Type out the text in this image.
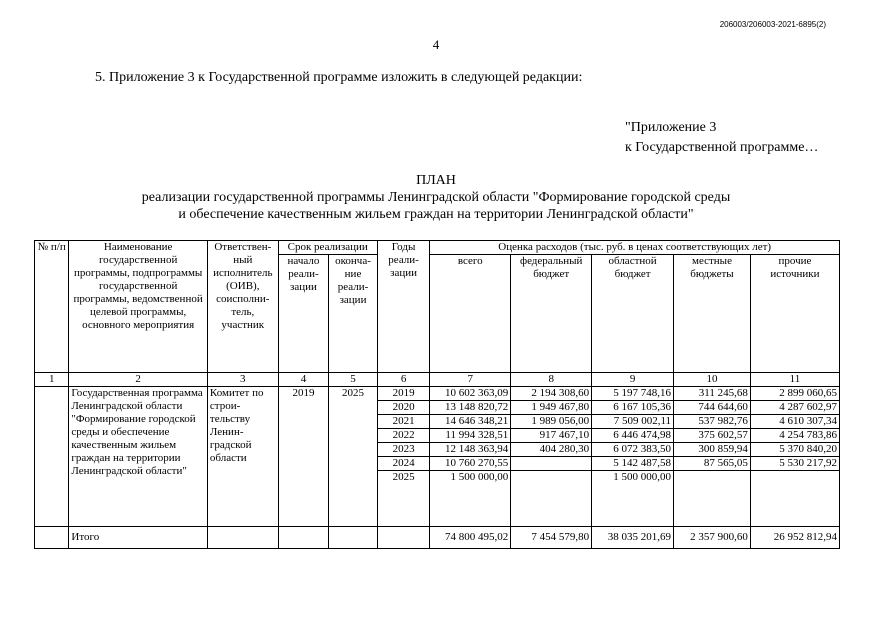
206003/206003-2021-6895(2)
4
5. Приложение 3 к Государственной программе изложить в следующей редакции:
"Приложение 3
к Государственной программе…
ПЛАН
реализации государственной программы Ленинградской области "Формирование городской среды
и обеспечение качественным жильем граждан на территории Ленинградской области"
№ п/п	Наименование государственной программы, подпрограммы государственной программы, ведомственной целевой программы, основного мероприятия	Ответствен-ный исполнитель (ОИВ), соисполни-тель, участник	Срок реализации		Годы реали-зации	Оценка расходов (тыс. руб. в ценах соответствующих лет)				
			начало реали-зации	оконча-ние реали-зации		всего	федеральный бюджет	областной бюджет	местные бюджеты	прочие источники
1	2	3	4	5	6	7	8	9	10	11
	Государственная программа Ленинградской области "Формирование городской среды и обеспечение качественным жильем граждан на территории Ленинградской области"	Комитет по строи-тельству Ленин-градской области	2019	2025	2019	10 602 363,09	2 194 308,60	5 197 748,16	311 245,68	2 899 060,65
					2020	13 148 820,72	1 949 467,80	6 167 105,36	744 644,60	4 287 602,97
					2021	14 646 348,21	1 989 056,00	7 509 002,11	537 982,76	4 610 307,34
					2022	11 994 328,51	917 467,10	6 446 474,98	375 602,57	4 254 783,86
					2023	12 148 363,94	404 280,30	6 072 383,50	300 859,94	5 370 840,20
					2024	10 760 270,55		5 142 487,58	87 565,05	5 530 217,92
					2025	1 500 000,00		1 500 000,00		
	Итого					74 800 495,02	7 454 579,80	38 035 201,69	2 357 900,60	26 952 812,94
